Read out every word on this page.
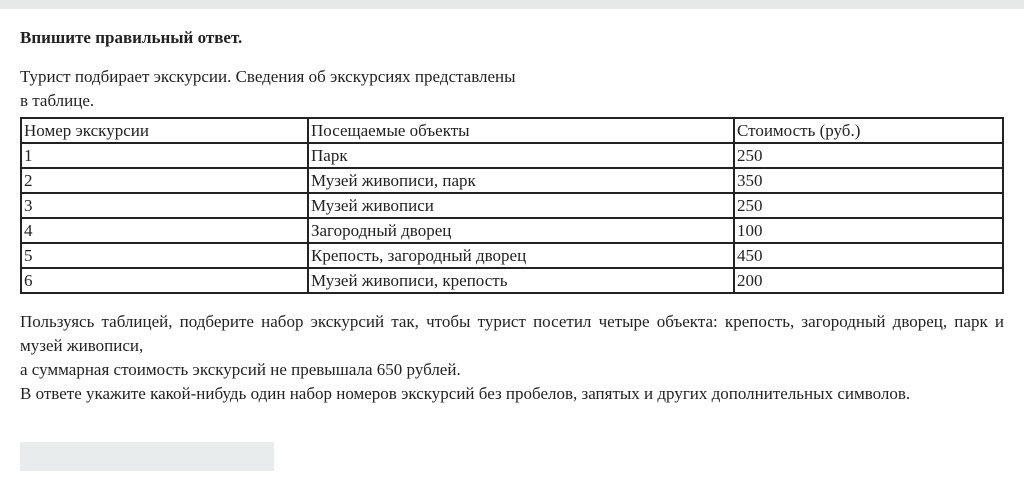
Впишите правильный ответ.

Турист подбирает экскурсии. Сведения об экскурсиях представлены
в таблице.

Номер экскурсии	Посещаемые объекты	Стоимость (руб.)
1	Парк	250
2	Музей живописи, парк	350
3	Музей живописи	250
4	Загородный дворец	100
5	Крепость, загородный дворец	450
6	Музей живописи, крепость	200

Пользуясь таблицей, подберите набор экскурсий так, чтобы турист посетил четыре объекта: крепость, загородный дворец, парк и музей живописи,

а суммарная стоимость экскурсий не превышала 650 рублей.

В ответе укажите какой-нибудь один набор номеров экскурсий без пробелов, запятых и других дополнительных символов.
